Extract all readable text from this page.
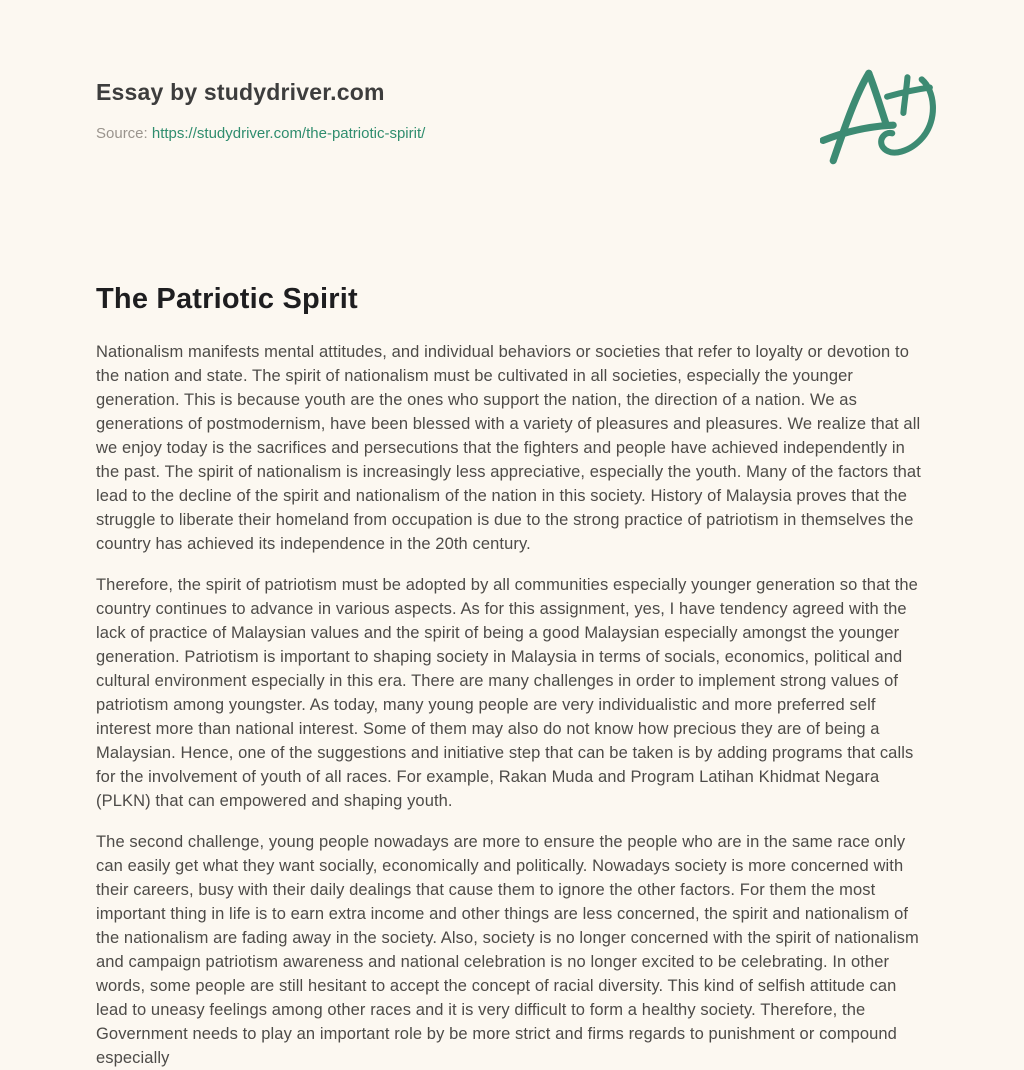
Essay by studydriver.com
Source: https://studydriver.com/the-patriotic-spirit/
The Patriotic Spirit

Nationalism manifests mental attitudes, and individual behaviors or societies that refer to loyalty or devotion to the nation and state. The spirit of nationalism must be cultivated in all societies, especially the younger generation. This is because youth are the ones who support the nation, the direction of a nation. We as generations of postmodernism, have been blessed with a variety of pleasures and pleasures. We realize that all we enjoy today is the sacrifices and persecutions that the fighters and people have achieved independently in the past. The spirit of nationalism is increasingly less appreciative, especially the youth. Many of the factors that lead to the decline of the spirit and nationalism of the nation in this society. History of Malaysia proves that the struggle to liberate their homeland from occupation is due to the strong practice of patriotism in themselves the country has achieved its independence in the 20th century.

Therefore, the spirit of patriotism must be adopted by all communities especially younger generation so that the country continues to advance in various aspects. As for this assignment, yes, I have tendency agreed with the lack of practice of Malaysian values and the spirit of being a good Malaysian especially amongst the younger generation. Patriotism is important to shaping society in Malaysia in terms of socials, economics, political and cultural environment especially in this era. There are many challenges in order to implement strong values of patriotism among youngster. As today, many young people are very individualistic and more preferred self interest more than national interest. Some of them may also do not know how precious they are of being a Malaysian. Hence, one of the suggestions and initiative step that can be taken is by adding programs that calls for the involvement of youth of all races. For example, Rakan Muda and Program Latihan Khidmat Negara (PLKN) that can empowered and shaping youth.

The second challenge, young people nowadays are more to ensure the people who are in the same race only can easily get what they want socially, economically and politically. Nowadays society is more concerned with their careers, busy with their daily dealings that cause them to ignore the other factors. For them the most important thing in life is to earn extra income and other things are less concerned, the spirit and nationalism of the nationalism are fading away in the society. Also, society is no longer concerned with the spirit of nationalism and campaign patriotism awareness and national celebration is no longer excited to be celebrating. In other words, some people are still hesitant to accept the concept of racial diversity. This kind of selfish attitude can lead to uneasy feelings among other races and it is very difficult to form a healthy society. Therefore, the Government needs to play an important role by be more strict and firms regards to punishment or compound especially
